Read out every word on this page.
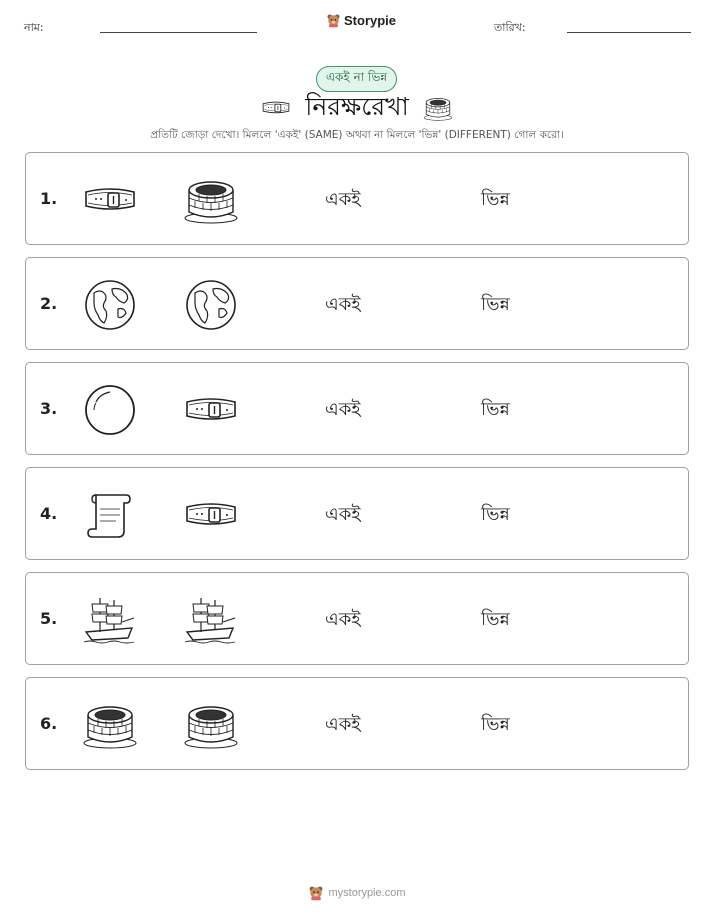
নাম:	Storypie	তারিখ:
একই না ভিন্ন
নিরক্ষরেখা
প্রতিটি জোড়া দেখো। মিললে 'একই' (SAME) অথবা না মিললে 'ভিন্ন' (DIFFERENT) গোল করো।
1.	একই	ভিন্ন
2.	একই	ভিন্ন
3.	একই	ভিন্ন
4.	একই	ভিন্ন
5.	একই	ভিন্ন
6.	একই	ভিন্ন
mystorypie.com
